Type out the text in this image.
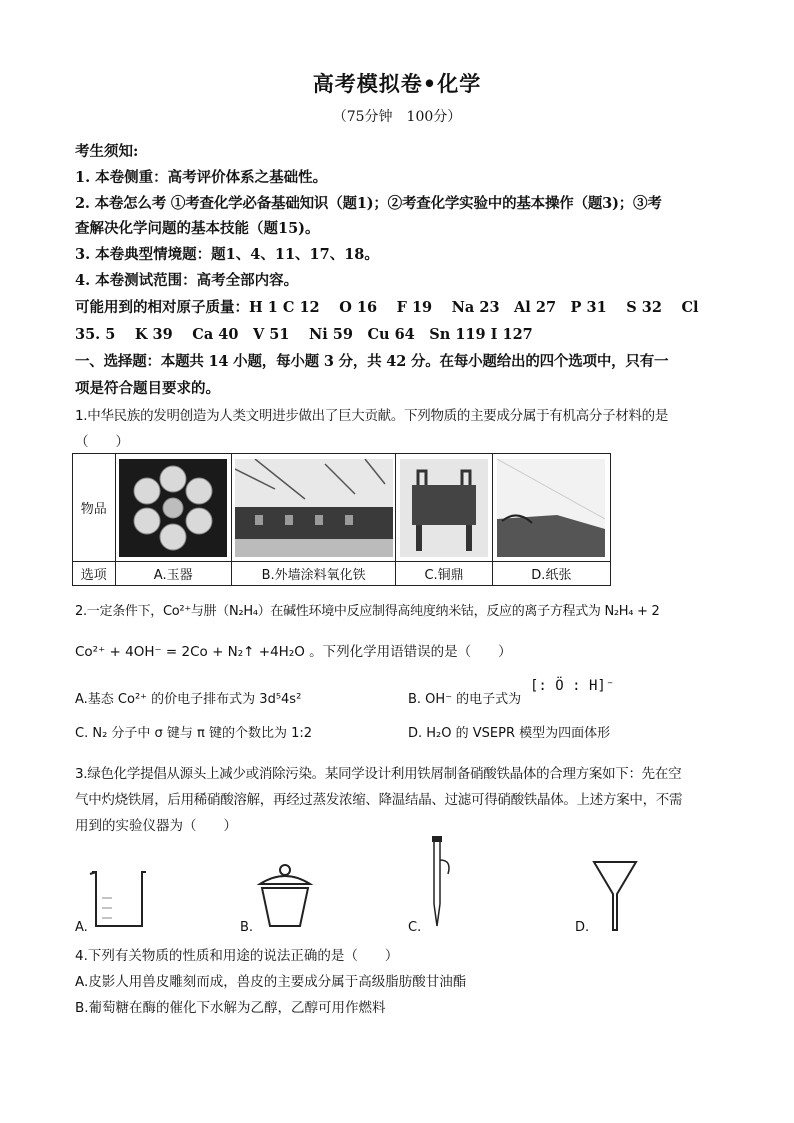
高考模拟卷•化学
（75分钟　100分）
考生须知:
1. 本卷侧重：高考评价体系之基础性。
2. 本卷怎么考 ①考查化学必备基础知识（题1)；②考查化学实验中的基本操作（题3)；③考
查解决化学问题的基本技能（题15)。
3. 本卷典型情境题：题1、4、11、17、18。
4. 本卷测试范围：高考全部内容。
可能用到的相对原子质量：H 1 C 12　 O 16　 F 19　 Na 23　Al 27　P 31　 S 32　 Cl
35. 5　 K 39　 Ca 40　V 51　 Ni 59　Cu 64　Sn 119 I 127
一、选择题：本题共 14 小题，每小题 3 分，共 42 分。在每小题给出的四个选项中，只有一
项是符合题目要求的。
1.中华民族的发明创造为人类文明进步做出了巨大贡献。下列物质的主要成分属于有机高分子材料的是
（　　）
物品				
选项	A.玉器	B.外墙涂料氧化铁	C.铜鼎	D.纸张
2.一定条件下，Co²⁺与肼（N₂H₄）在碱性环境中反应制得高纯度纳米钴，反应的离子方程式为 N₂H₄ + 2
Co²⁺ + 4OH⁻ = 2Co + N₂↑ +4H₂O 。下列化学用语错误的是（　　）
A.基态 Co²⁺ 的价电子排布式为 3d⁵4s²	B. OH⁻ 的电子式为
[: Ö : H]⁻
C. N₂ 分子中 σ 键与 π 键的个数比为 1:2	D. H₂O 的 VSEPR 模型为四面体形
3.绿色化学提倡从源头上减少或消除污染。某同学设计利用铁屑制备硝酸铁晶体的合理方案如下：先在空
气中灼烧铁屑，后用稀硝酸溶解，再经过蒸发浓缩、降温结晶、过滤可得硝酸铁晶体。上述方案中，不需
用到的实验仪器为（　　）
A.	B.	C.	D.
4.下列有关物质的性质和用途的说法正确的是（　　）
A.皮影人用兽皮雕刻而成，兽皮的主要成分属于高级脂肪酸甘油酯
B.葡萄糖在酶的催化下水解为乙醇，乙醇可用作燃料
